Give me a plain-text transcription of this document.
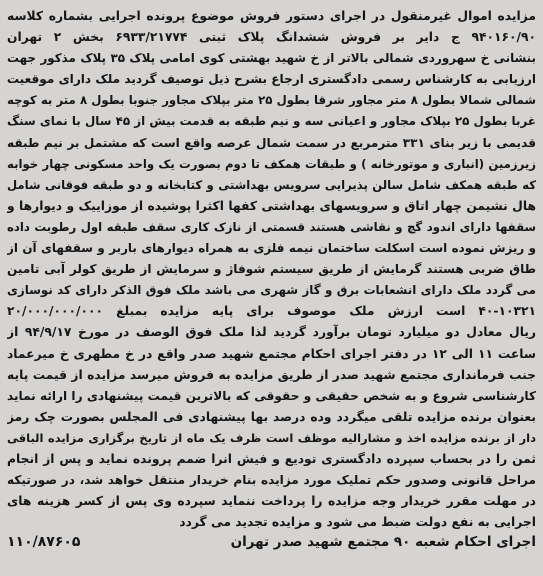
مزایده اموال غیرمنقول در اجرای دستور فروش موضوع پرونده اجرایی بشماره کلاسه
۹۴۰۱۶۰/۹۰ ج دایر بر فروش ششدانگ پلاک ثبتی ۶۹۳۳/۲۱۷۷۴ بخش ۲ تهران
بنشانی خ سهروردی شمالی بالاتر از خ شهید بهشتی کوی امامی پلاک ۳۵ پلاک مذکور جهت
ارزیابی به کارشناس رسمی دادگستری ارجاع بشرح ذیل توصیف گردید ملک دارای موقعیت
شمالی شمالا بطول ۸ متر مجاور شرقا بطول ۲۵ متر بپلاک مجاور جنوبا بطول ۸ متر به کوچه
غربا بطول ۲۵ بپلاک مجاور و اعیانی سه و نیم طبقه به قدمت بیش از ۴۵ سال با نمای سنگ
قدیمی با زیر بنای ۳۳۱ مترمربع در سمت شمال عرصه واقع است که مشتمل بر نیم طبقه
زیرزمین (انباری و موتورخانه ) و طبقات همکف تا دوم بصورت یک واحد مسکونی چهار خوابه
که طبقه همکف شامل سالن پذیرایی سرویس بهداشتی و کتابخانه و دو طبقه فوقانی شامل
هال نشیمن چهار اتاق و سرویسهای بهداشتی کفها اکثرا پوشیده از موزاییک و دیوارها و
سقفها دارای اندود گچ و نقاشی هستند قسمتی از نازک کاری سقف طبقه اول رطوبت داده
و ریزش نموده است اسکلت ساختمان نیمه فلزی به همراه دیوارهای باربر و سقفهای آن از
طاق ضربی هستند گرمایش از طریق سیستم شوفاژ و سرمایش از طریق کولر آبی تامین
می گردد ملک دارای انشعابات برق و گاز شهری می باشد ملک فوق الذکر دارای کد نوسازی
۴۰-۱۰۳۲۱ است ارزش ملک موصوف برای پایه مزایده بمبلغ ۲۰/۰۰۰/۰۰۰/۰۰۰
ریال معادل دو میلیارد تومان برآورد گردید لذا ملک فوق الوصف در مورخ ۹۴/۹/۱۷ از
ساعت ۱۱ الی ۱۲ در دفتر اجرای احکام مجتمع شهید صدر واقع در خ مطهری خ میرعماد
جنب فرمانداری مجتمع شهید صدر از طریق مزایده به فروش میرسد مزایده از قیمت پایه
کارشناسی شروع و به شخص حقیقی و حقوقی که بالاترین قیمت پیشنهادی را ارائه نماید
بعنوان برنده مزایده تلقی میگردد وده درصد بها پیشنهادی فی المجلس بصورت چک رمز
دار از برنده مزایده اخذ و مشارالیه موظف است ظرف یک ماه از تاریخ برگزاری مزایده الباقی
ثمن را در بحساب سپرده دادگستری تودیع و فیش انرا ضمم پرونده نماید و پس از انجام
مراحل قانونی وصدور حکم تملیک مورد مزایده بنام خریدار منتقل خواهد شد، در صورتیکه
در مهلت مقرر خریدار وجه مزایده را پرداخت ننماید سپرده وی پس از کسر هزینه های
اجرایی به نفع دولت ضبط می شود و مزایده تجدید می گردد
اجرای احکام شعبه ۹۰ مجتمع شهید صدر تهران
۱۱۰/۸۷۶۰۵
